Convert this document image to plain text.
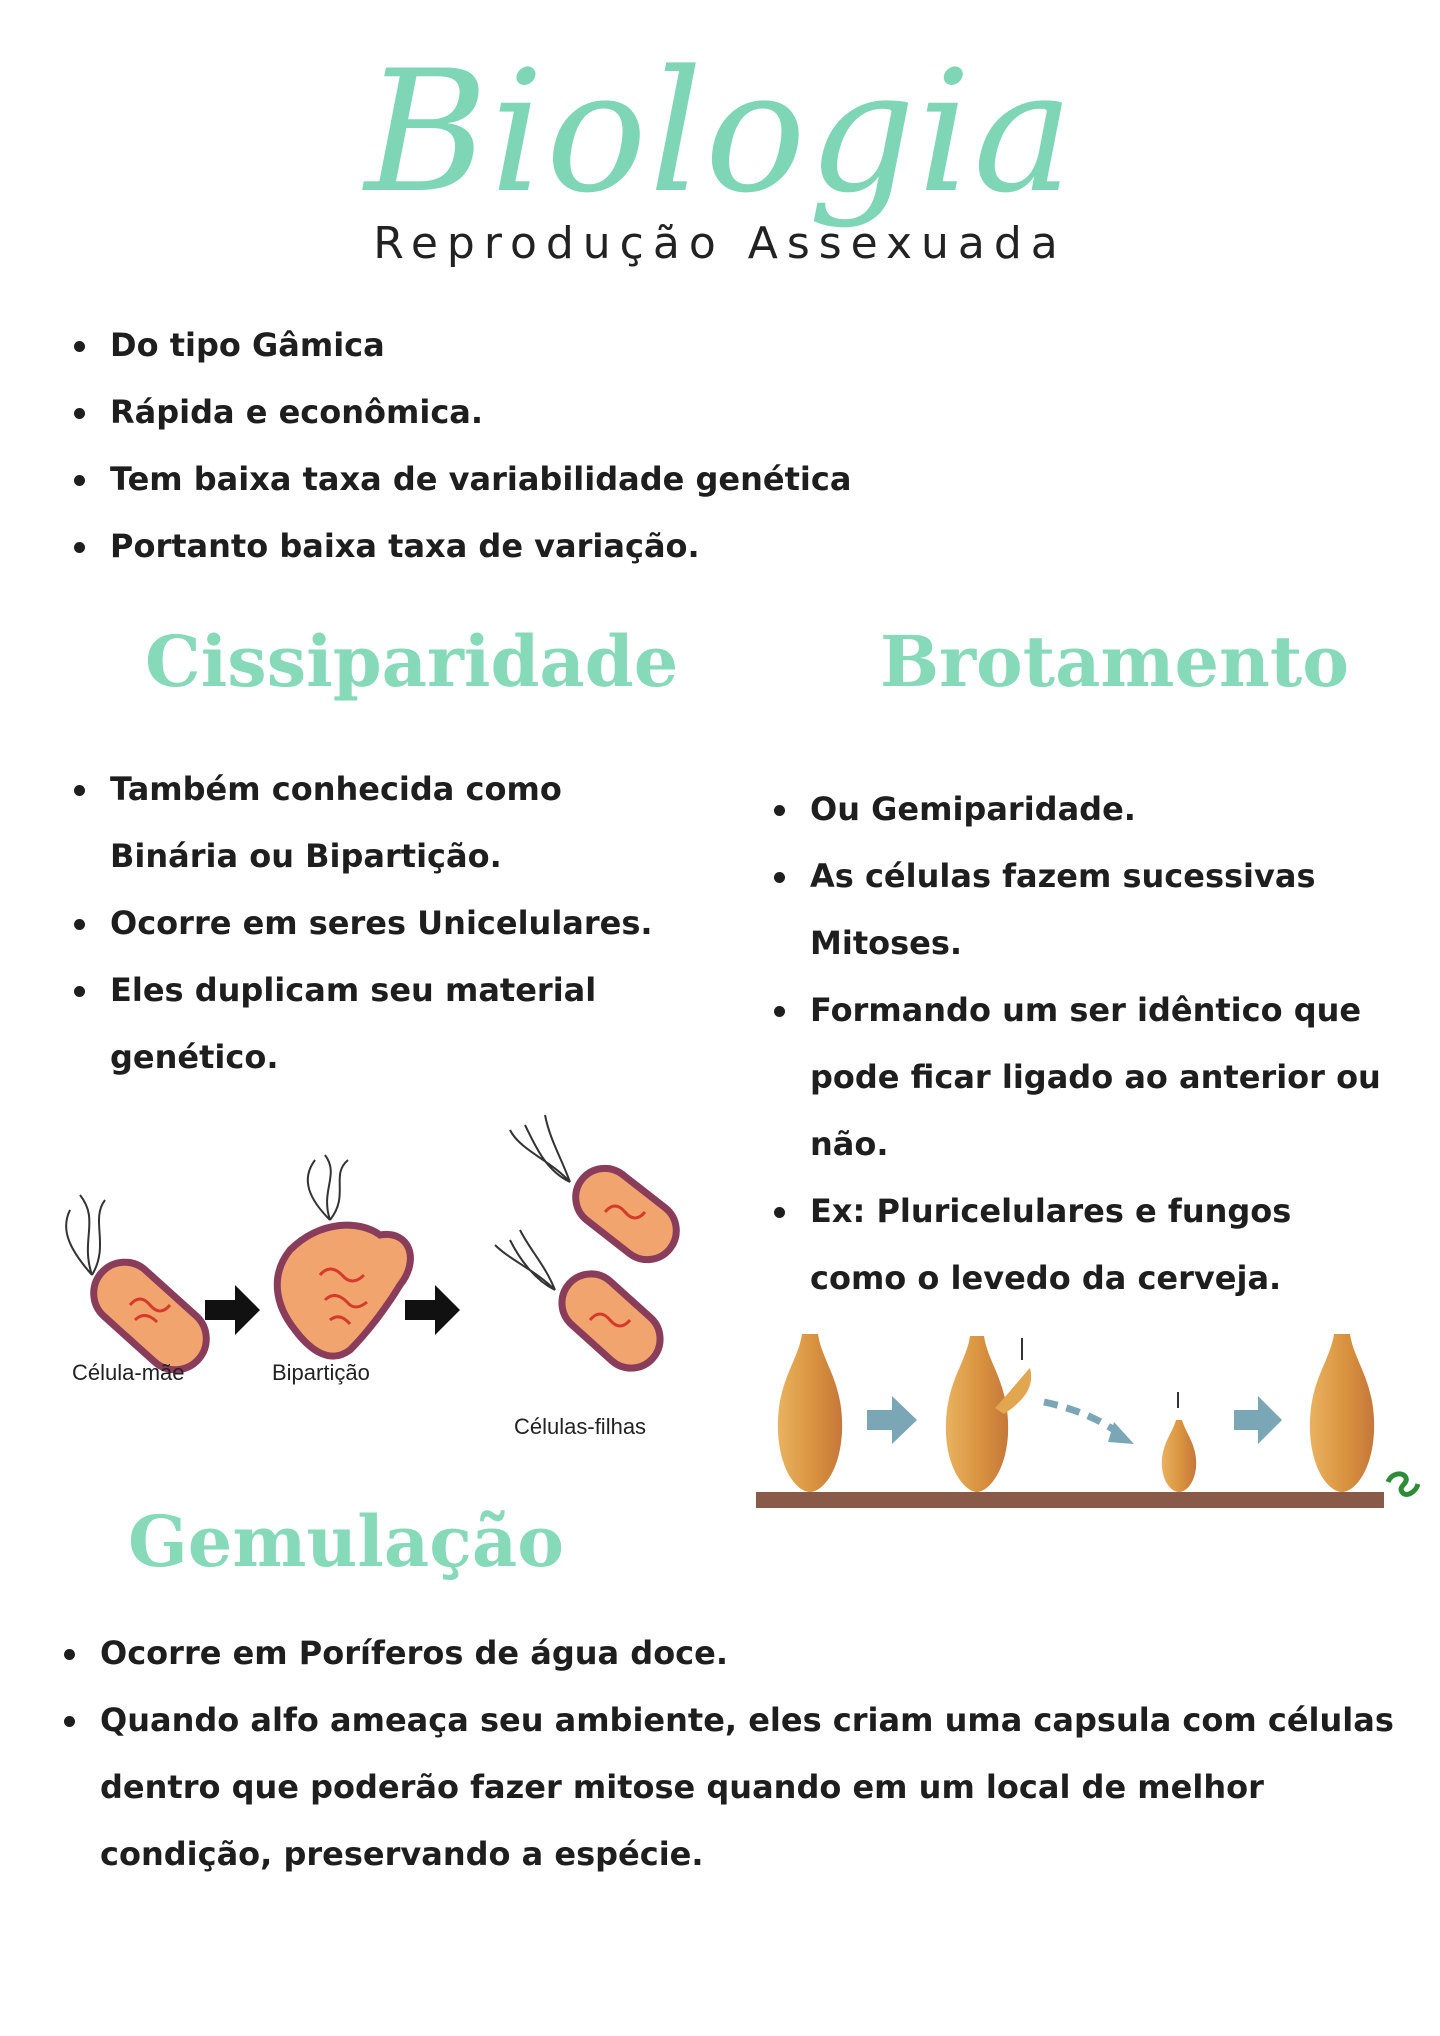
Biologia
Reprodução Assexuada
Do tipo Gâmica
Rápida e econômica.
Tem baixa taxa de variabilidade genética
Portanto baixa taxa de variação.
Cissiparidade
Também conhecida como Binária ou Bipartição.
Ocorre em seres Unicelulares.
Eles duplicam seu material genético.
Célula-mãe	Bipartição
Células-filhas
Brotamento
Ou Gemiparidade.
As células fazem sucessivas Mitoses.
Formando um ser idêntico que pode ficar ligado ao anterior ou não.
Ex: Pluricelulares e fungos como o levedo da cerveja.
Gemulação
Ocorre em Poríferos de água doce.
Quando alfo ameaça seu ambiente, eles criam uma capsula com células dentro que poderão fazer mitose quando em um local de melhor condição, preservando a espécie.
